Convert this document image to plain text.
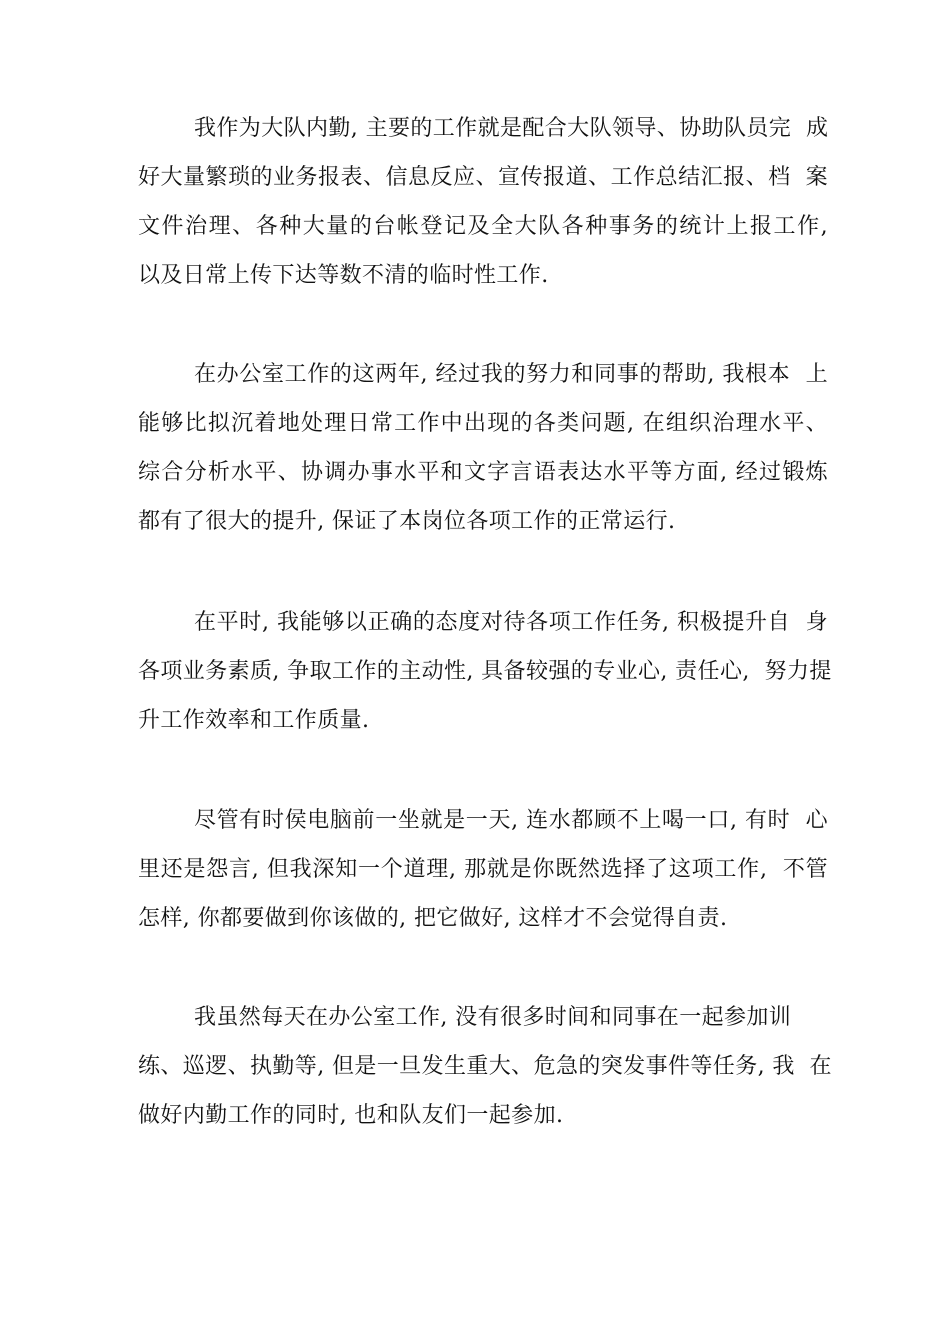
我作为大队内勤, 主要的工作就是配合大队领导、协助队员完  成
好大量繁琐的业务报表、信息反应、宣传报道、工作总结汇报、档  案
文件治理、各种大量的台帐登记及全大队各种事务的统计上报工作,
以及日常上传下达等数不清的临时性工作.
在办公室工作的这两年, 经过我的努力和同事的帮助, 我根本  上
能够比拟沉着地处理日常工作中出现的各类问题, 在组织治理水平、
综合分析水平、协调办事水平和文字言语表达水平等方面, 经过锻炼
都有了很大的提升, 保证了本岗位各项工作的正常运行.
在平时, 我能够以正确的态度对待各项工作任务, 积极提升自  身
各项业务素质, 争取工作的主动性, 具备较强的专业心, 责任心,  努力提
升工作效率和工作质量.
尽管有时侯电脑前一坐就是一天, 连水都顾不上喝一口, 有时  心
里还是怨言, 但我深知一个道理, 那就是你既然选择了这项工作,  不管
怎样, 你都要做到你该做的, 把它做好, 这样才不会觉得自责.
我虽然每天在办公室工作, 没有很多时间和同事在一起参加训
练、巡逻、执勤等, 但是一旦发生重大、危急的突发事件等任务, 我  在
做好内勤工作的同时, 也和队友们一起参加.
